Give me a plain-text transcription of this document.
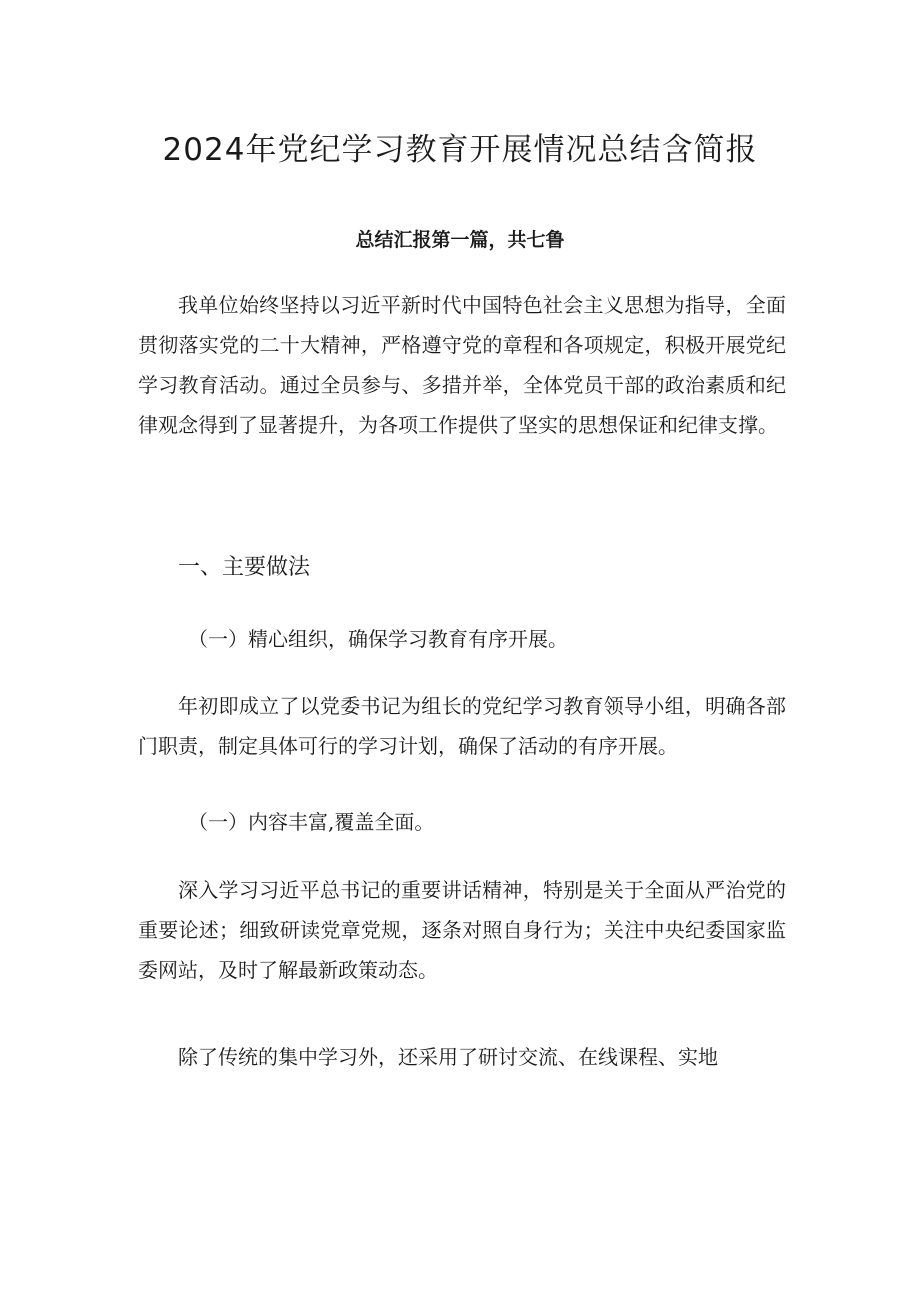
2024年党纪学习教育开展情况总结含简报

总结汇报第一篇，共七鲁

我单位始终坚持以习近平新时代中国特色社会主义思想为指导，全面贯彻落实党的二十大精神，严格遵守党的章程和各项规定，积极开展党纪学习教育活动。通过全员参与、多措并举，全体党员干部的政治素质和纪律观念得到了显著提升，为各项工作提供了坚实的思想保证和纪律支撑。

一、主要做法

（一）精心组织，确保学习教育有序开展。

年初即成立了以党委书记为组长的党纪学习教育领导小组，明确各部门职责，制定具体可行的学习计划，确保了活动的有序开展。

（一）内容丰富,覆盖全面。

深入学习习近平总书记的重要讲话精神，特别是关于全面从严治党的重要论述；细致研读党章党规，逐条对照自身行为；关注中央纪委国家监委网站，及时了解最新政策动态。

除了传统的集中学习外，还采用了研讨交流、在线课程、实地
